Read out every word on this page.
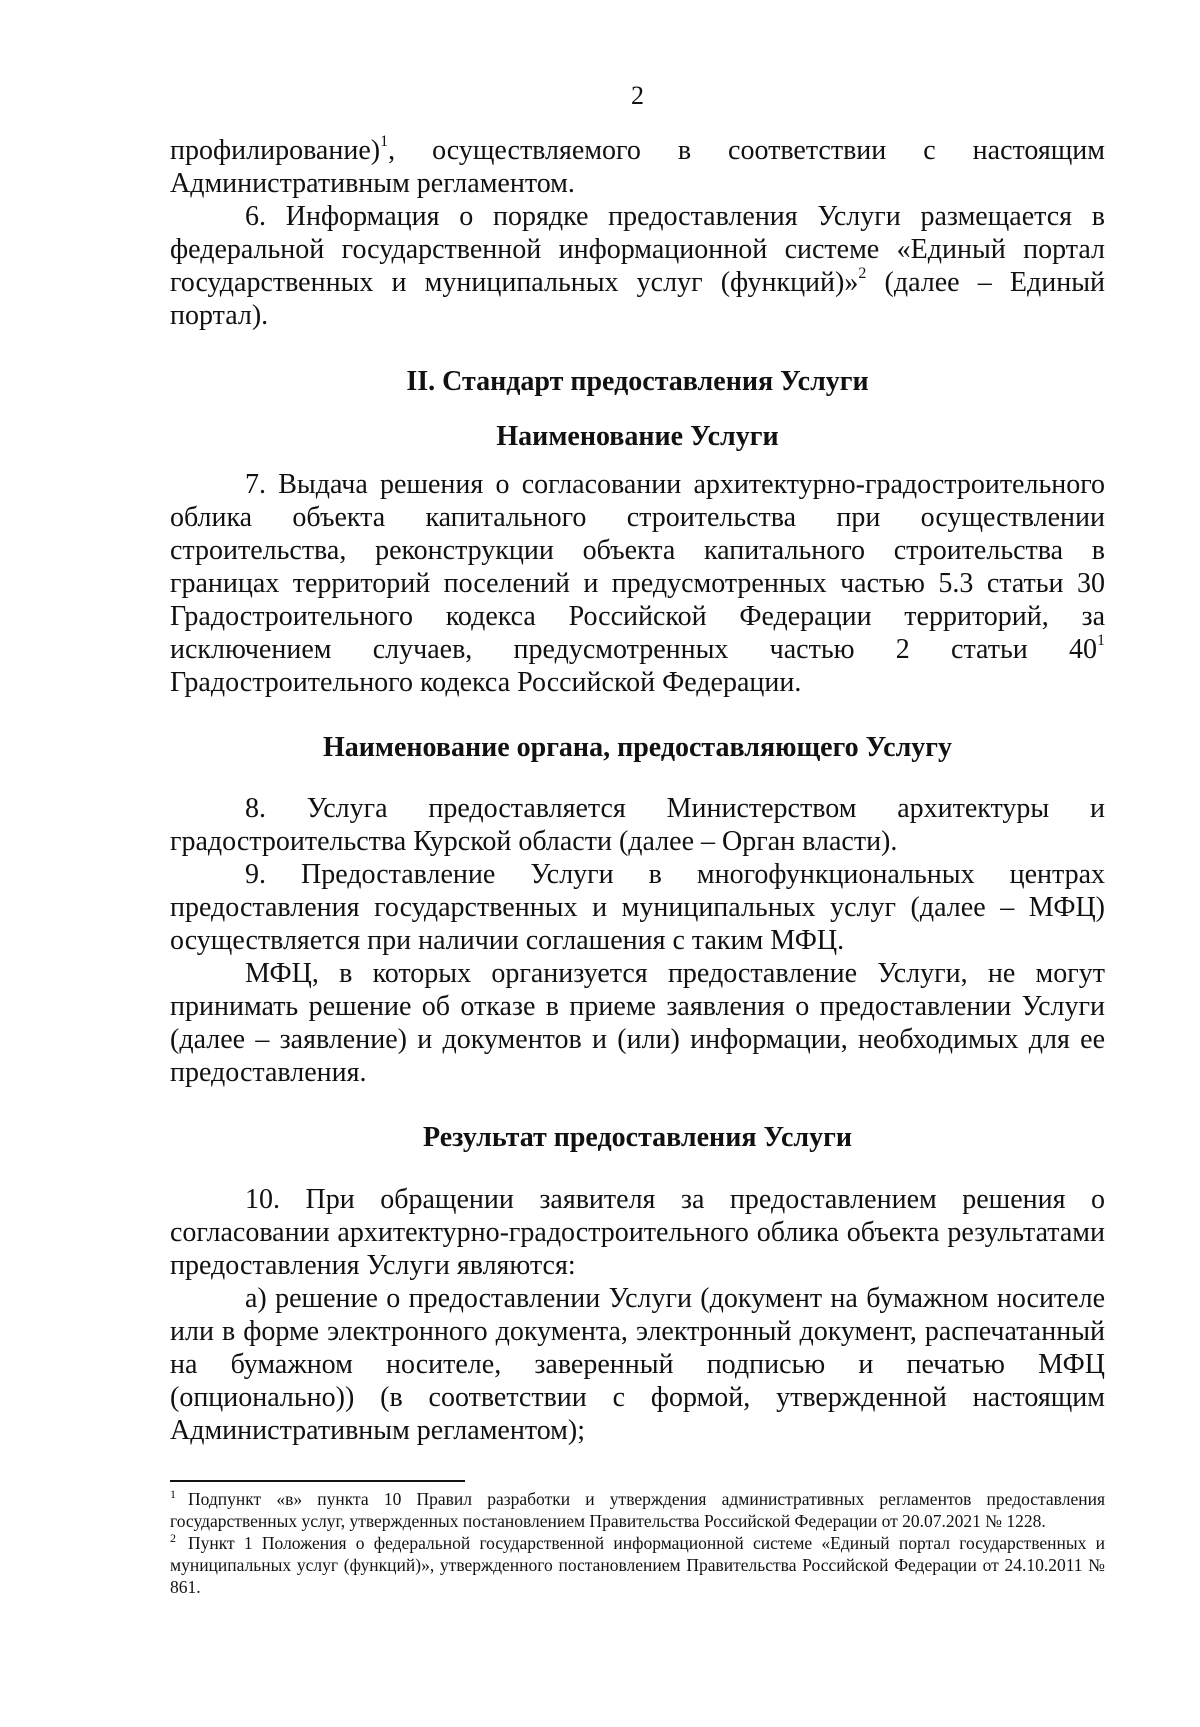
2

профилирование)$^1$, осуществляемого в соответствии с настоящим Административным регламентом.

6. Информация о порядке предоставления Услуги размещается в федеральной государственной информационной системе «Единый портал государственных и муниципальных услуг (функций)»$^2$ (далее – Единый портал).

II. Стандарт предоставления Услуги
Наименование Услуги

7. Выдача решения о согласовании архитектурно-градостроительного облика объекта капитального строительства при осуществлении строительства, реконструкции объекта капитального строительства в границах территорий поселений и предусмотренных частью 5.3 статьи 30 Градостроительного кодекса Российской Федерации территорий, за исключением случаев, предусмотренных частью 2 статьи $40^1$ Градостроительного кодекса Российской Федерации.

Наименование органа, предоставляющего Услугу

8. Услуга предоставляется Министерством архитектуры и градостроительства Курской области (далее – Орган власти).

9. Предоставление Услуги в многофункциональных центрах предоставления государственных и муниципальных услуг (далее – МФЦ) осуществляется при наличии соглашения с таким МФЦ.

МФЦ, в которых организуется предоставление Услуги, не могут принимать решение об отказе в приеме заявления о предоставлении Услуги (далее – заявление) и документов и (или) информации, необходимых для ее предоставления.

Результат предоставления Услуги

10. При обращении заявителя за предоставлением решения о согласовании архитектурно-градостроительного облика объекта результатами предоставления Услуги являются:

а) решение о предоставлении Услуги (документ на бумажном носителе или в форме электронного документа, электронный документ, распечатанный на бумажном носителе, заверенный подписью и печатью МФЦ (опционально)) (в соответствии с формой, утвержденной настоящим Административным регламентом);

$^1$ Подпункт «в» пункта 10 Правил разработки и утверждения административных регламентов предоставления государственных услуг, утвержденных постановлением Правительства Российской Федерации от 20.07.2021 № 1228.

$^2$ Пункт 1 Положения о федеральной государственной информационной системе «Единый портал государственных и муниципальных услуг (функций)», утвержденного постановлением Правительства Российской Федерации от 24.10.2011 № 861.
